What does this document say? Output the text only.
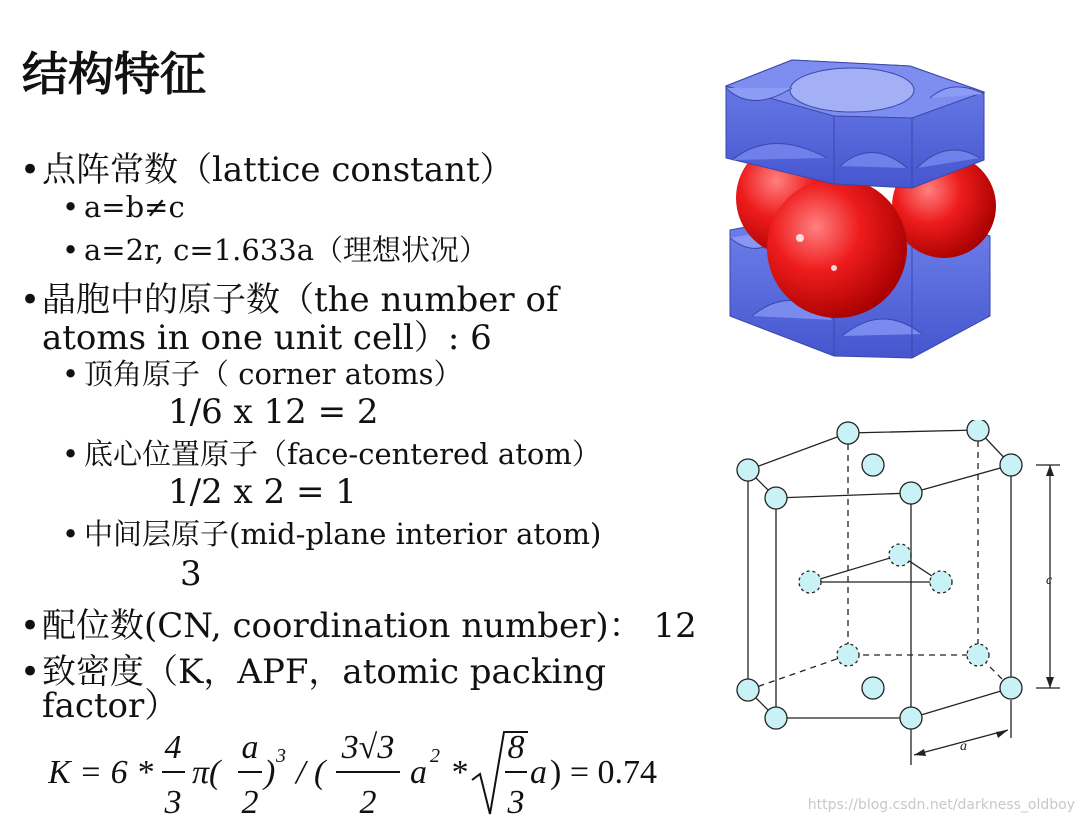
结构特征
•点阵常数（lattice constant）
• a=b≠c
• a=2r, c=1.633a（理想状况）
•晶胞中的原子数（the number of
atoms in one unit cell）: 6
• 顶角原子（ corner atoms）
1/6 x 12 = 2
• 底心位置原子（face-centered atom）
1/2 x 2 = 1
• 中间层原子(mid-plane interior atom)
3
•配位数(CN, coordination number)： 12
•致密度（K，APF，atomic packing
factor）
K = 6 *
4
3
π(
a
2
) 3 / (
3√3
2
a 2 *
8
3
a ) = 0.74
c
a
https://blog.csdn.net/darkness_oldboy
